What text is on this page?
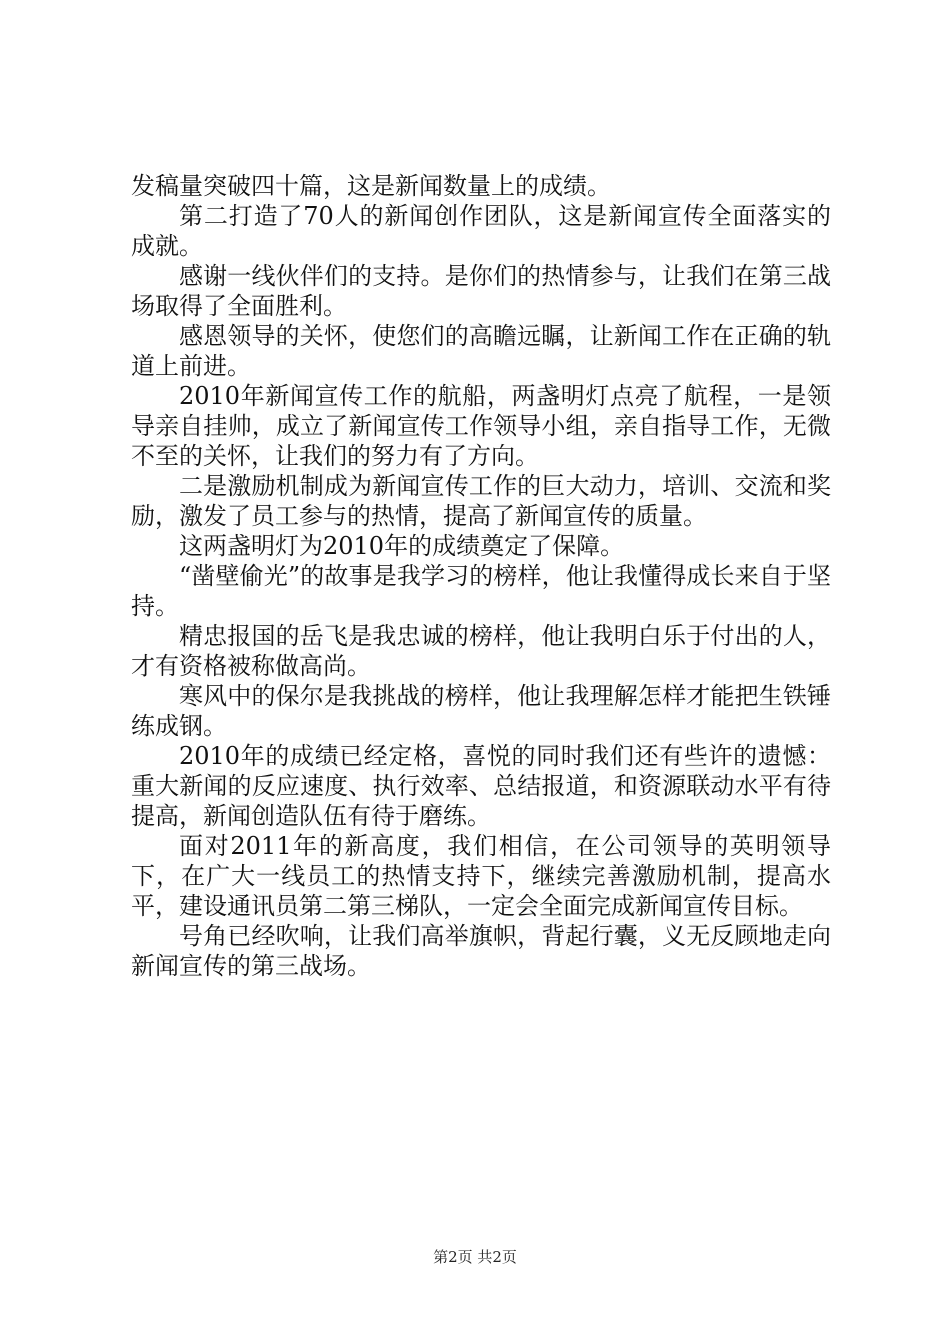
发稿量突破四十篇，这是新闻数量上的成绩。

第二打造了70人的新闻创作团队，这是新闻宣传全面落实的成就。

感谢一线伙伴们的支持。是你们的热情参与，让我们在第三战场取得了全面胜利。

感恩领导的关怀，使您们的高瞻远瞩，让新闻工作在正确的轨道上前进。

2010年新闻宣传工作的航船，两盏明灯点亮了航程，一是领导亲自挂帅，成立了新闻宣传工作领导小组，亲自指导工作，无微不至的关怀，让我们的努力有了方向。

二是激励机制成为新闻宣传工作的巨大动力，培训、交流和奖励，激发了员工参与的热情，提高了新闻宣传的质量。

这两盏明灯为2010年的成绩奠定了保障。

“凿壁偷光”的故事是我学习的榜样，他让我懂得成长来自于坚持。

精忠报国的岳飞是我忠诚的榜样，他让我明白乐于付出的人，才有资格被称做高尚。

寒风中的保尔是我挑战的榜样，他让我理解怎样才能把生铁锤练成钢。

2010年的成绩已经定格，喜悦的同时我们还有些许的遗憾：重大新闻的反应速度、执行效率、总结报道，和资源联动水平有待提高，新闻创造队伍有待于磨练。

面对2011年的新高度，我们相信，在公司领导的英明领导下，在广大一线员工的热情支持下，继续完善激励机制，提高水平，建设通讯员第二第三梯队，一定会全面完成新闻宣传目标。

号角已经吹响，让我们高举旗帜，背起行囊，义无反顾地走向新闻宣传的第三战场。

第2页 共2页
